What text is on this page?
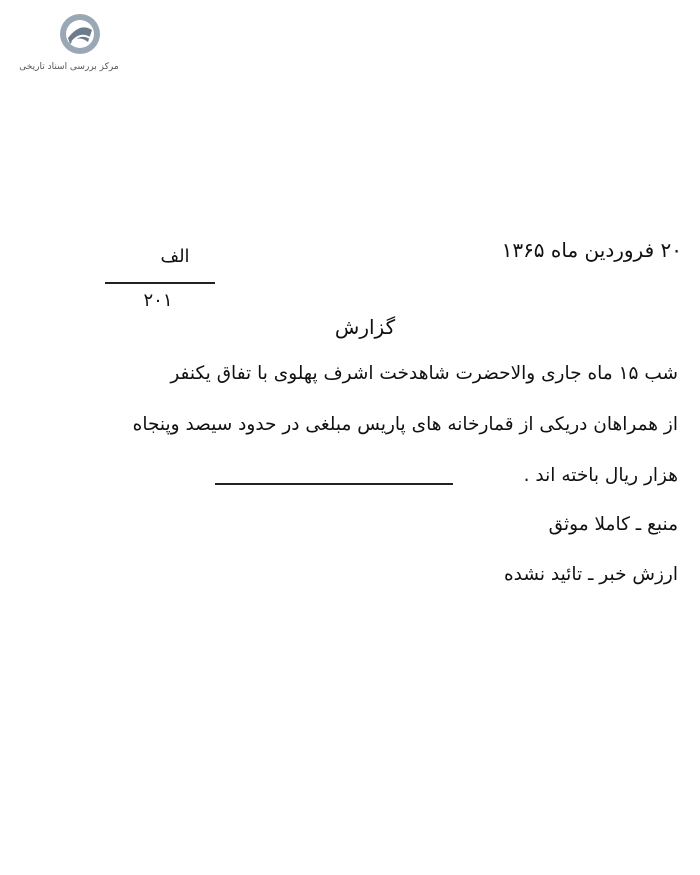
مرکز بررسی اسناد تاریخی
۲۰ فروردین ماه ۱۳۶۵
الف
۲۰۱
گزارش
شب ۱۵ ماه جاری والاحضرت شاهدخت اشرف پهلوی با تفاق یکنفر
از همراهان دریکی از قمارخانه های پاریس مبلغی در حدود سیصد وپنجاه
هزار ریال باخته اند .
منبع ـ کاملا موثق
ارزش خبر ـ تائید نشده
